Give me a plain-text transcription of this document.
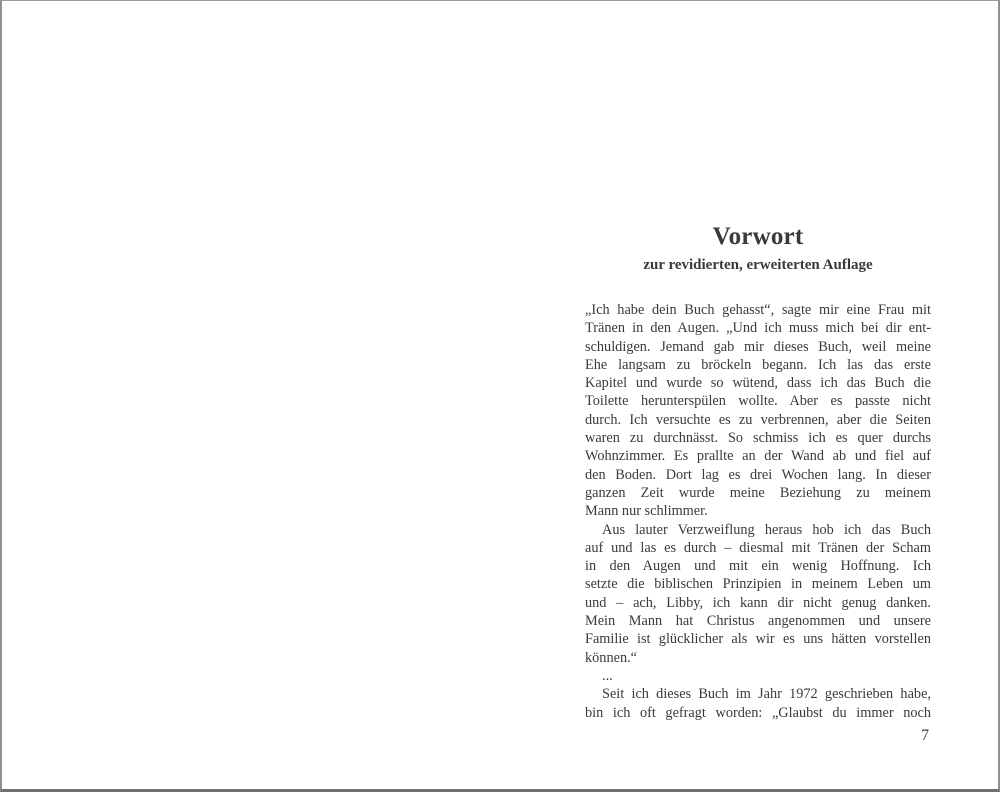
Vorwort
zur revidierten, erweiterten Auflage
„Ich habe dein Buch gehasst“, sagte mir eine Frau mit
Tränen in den Augen. „Und ich muss mich bei dir ent-
schuldigen. Jemand gab mir dieses Buch, weil meine
Ehe langsam zu bröckeln begann. Ich las das erste
Kapitel und wurde so wütend, dass ich das Buch die
Toilette herunterspülen wollte. Aber es passte nicht
durch. Ich versuchte es zu verbrennen, aber die Seiten
waren zu durchnässt. So schmiss ich es quer durchs
Wohnzimmer. Es prallte an der Wand ab und fiel auf
den Boden. Dort lag es drei Wochen lang. In dieser
ganzen Zeit wurde meine Beziehung zu meinem
Mann nur schlimmer.
Aus lauter Verzweiflung heraus hob ich das Buch
auf und las es durch – diesmal mit Tränen der Scham
in den Augen und mit ein wenig Hoffnung. Ich
setzte die biblischen Prinzipien in meinem Leben um
und – ach, Libby, ich kann dir nicht genug danken.
Mein Mann hat Christus angenommen und unsere
Familie ist glücklicher als wir es uns hätten vorstellen
können.“
...
Seit ich dieses Buch im Jahr 1972 geschrieben habe,
bin ich oft gefragt worden: „Glaubst du immer noch
7
